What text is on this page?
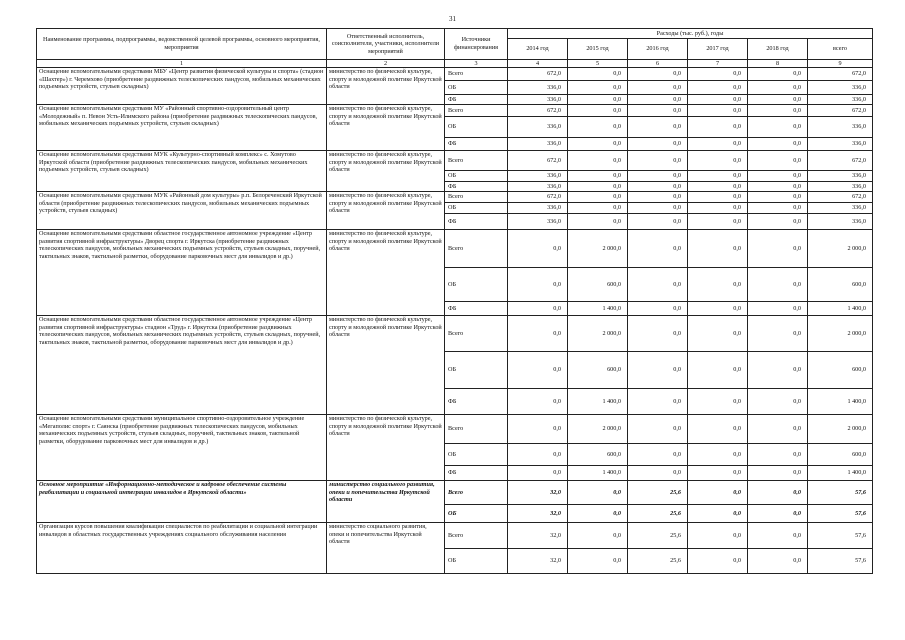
31
Наименование программы, подпрограммы, ведомственной целевой программы, основного мероприятия, мероприятия	Ответственный исполнитель, соисполнители, участники, исполнители мероприятий	Источники финансирования	Расходы (тыс. руб.), годы					
			2014 год	2015 год	2016 год	2017 год	2018 год	всего
1	2	3	4	5	6	7	8	9
Оснащение вспомогательными средствами МБУ «Центр развития физической культуры и спорта» (стадион «Шахтер») г. Черемхово (приобретение раздвижных телескопических пандусов, мобильных механических подъемных устройств, стульев складных)	министерство по физической культуре, спорту и молодежной политике Иркутской области	Всего	672,0	0,0	0,0	0,0	0,0	672,0
		ОБ	336,0	0,0	0,0	0,0	0,0	336,0
		ФБ	336,0	0,0	0,0	0,0	0,0	336,0
Оснащение вспомогательными средствами МУ «Районный спортивно-оздоровительный центр «Молодежный» п. Невон Усть-Илимского района (приобретение раздвижных телескопических пандусов, мобильных механических подъемных устройств, стульев складных)	министерство по физической культуре, спорту и молодежной политике Иркутской области	Всего	672,0	0,0	0,0	0,0	0,0	672,0
		ОБ	336,0	0,0	0,0	0,0	0,0	336,0
		ФБ	336,0	0,0	0,0	0,0	0,0	336,0
Оснащение вспомогательными средствами МУК «Культурно-спортивный комплекс» с. Хомутово Иркутской области (приобретение раздвижных телескопических пандусов, мобильных механических подъемных устройств, стульев складных)	министерство по физической культуре, спорту и молодежной политике Иркутской области	Всего	672,0	0,0	0,0	0,0	0,0	672,0
		ОБ	336,0	0,0	0,0	0,0	0,0	336,0
		ФБ	336,0	0,0	0,0	0,0	0,0	336,0
Оснащение вспомогательными средствами МУК «Районный дом культуры» р.п. Белореченский Иркутской области (приобретение раздвижных телескопических пандусов, мобильных механических подъемных устройств, стульев складных)	министерство по физической культуре, спорту и молодежной политике Иркутской области	Всего	672,0	0,0	0,0	0,0	0,0	672,0
		ОБ	336,0	0,0	0,0	0,0	0,0	336,0
		ФБ	336,0	0,0	0,0	0,0	0,0	336,0
Оснащение вспомогательными средствами областное государственное автономное учреждение «Центр развития спортивной инфраструктуры» Дворец спорта г. Иркутска (приобретение раздвижных телескопических пандусов, мобильных механических подъемных устройств, стульев складных, поручней, тактильных знаков, тактильной разметки, оборудование парковочных мест для инвалидов и др.)	министерство по физической культуре, спорту и молодежной политике Иркутской области	Всего	0,0	2 000,0	0,0	0,0	0,0	2 000,0
		ОБ	0,0	600,0	0,0	0,0	0,0	600,0
		ФБ	0,0	1 400,0	0,0	0,0	0,0	1 400,0
Оснащение вспомогательными средствами областное государственное автономное учреждение «Центр развития спортивной инфраструктуры» стадион «Труд» г. Иркутска (приобретение раздвижных телескопических пандусов, мобильных механических подъемных устройств, стульев складных, поручней, тактильных знаков, тактильной разметки, оборудование парковочных мест для инвалидов и др.)	министерство по физической культуре, спорту и молодежной политике Иркутской области	Всего	0,0	2 000,0	0,0	0,0	0,0	2 000,0
		ОБ	0,0	600,0	0,0	0,0	0,0	600,0
		ФБ	0,0	1 400,0	0,0	0,0	0,0	1 400,0
Оснащение вспомогательными средствами муниципальное спортивно-оздоровительное учреждение «Мегаполис спорт» г. Саянска (приобретение раздвижных телескопических пандусов, мобильных механических подъемных устройств, стульев складных, поручней, тактильных знаков, тактильной разметки, оборудование парковочных мест для инвалидов и др.)	министерство по физической культуре, спорту и молодежной политике Иркутской области	Всего	0,0	2 000,0	0,0	0,0	0,0	2 000,0
		ОБ	0,0	600,0	0,0	0,0	0,0	600,0
		ФБ	0,0	1 400,0	0,0	0,0	0,0	1 400,0
Основное мероприятие «Информационно-методическое и кадровое обеспечение системы реабилитации и социальной интеграции инвалидов в Иркутской области»	министерство социального развития, опеки и попечительства Иркутской области	Всего	32,0	0,0	25,6	0,0	0,0	57,6
		ОБ	32,0	0,0	25,6	0,0	0,0	57,6
Организация курсов повышения квалификации специалистов по реабилитации и социальной интеграции инвалидов в областных государственных учреждениях социального обслуживания населения	министерство социального развития, опеки и попечительства Иркутской области	Всего	32,0	0,0	25,6	0,0	0,0	57,6
		ОБ	32,0	0,0	25,6	0,0	0,0	57,6
